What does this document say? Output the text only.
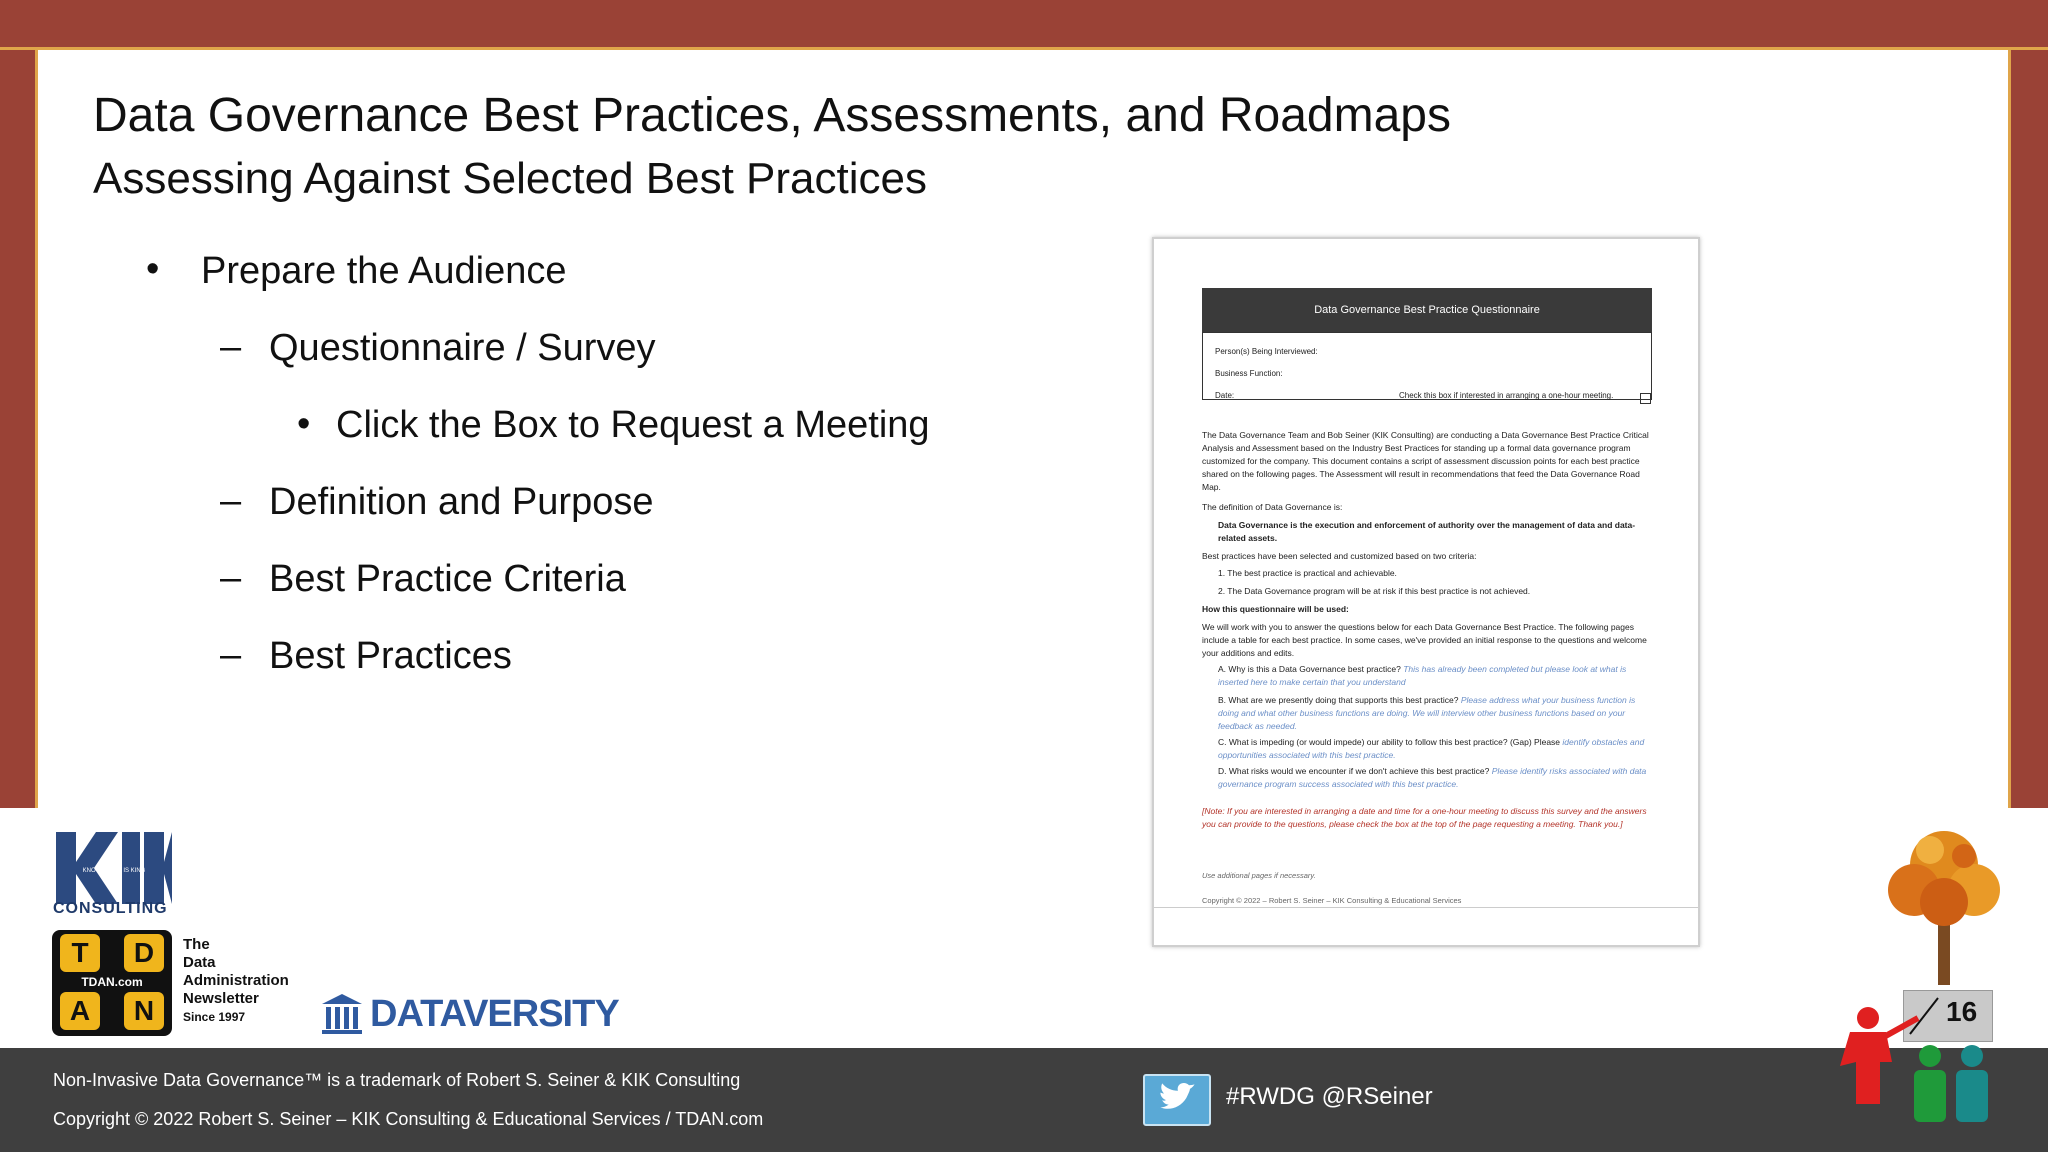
Data Governance Best Practices, Assessments, and Roadmaps
Assessing Against Selected Best Practices
• Prepare the Audience
– Questionnaire / Survey
• Click the Box to Request a Meeting
– Definition and Purpose
– Best Practice Criteria
– Best Practices
Data Governance Best Practice Questionnaire
Person(s) Being Interviewed:
Business Function:
Date:	Check this box if interested in arranging a one-hour meeting.
The Data Governance Team and Bob Seiner (KIK Consulting) are conducting a Data Governance Best Practice Critical Analysis and Assessment based on the Industry Best Practices for standing up a formal data governance program customized for the company. This document contains a script of assessment discussion points for each best practice shared on the following pages. The Assessment will result in recommendations that feed the Data Governance Road Map.
The definition of Data Governance is:
Data Governance is the execution and enforcement of authority over the management of data and data-related assets.
Best practices have been selected and customized based on two criteria:
1. The best practice is practical and achievable.
2. The Data Governance program will be at risk if this best practice is not achieved.
How this questionnaire will be used:
We will work with you to answer the questions below for each Data Governance Best Practice. The following pages include a table for each best practice. In some cases, we've provided an initial response to the questions and welcome your additions and edits.
A. Why is this a Data Governance best practice? This has already been completed but please look at what is inserted here to make certain that you understand
B. What are we presently doing that supports this best practice? Please address what your business function is doing and what other business functions are doing. We will interview other business functions based on your feedback as needed.
C. What is impeding (or would impede) our ability to follow this best practice? (Gap) Please identify obstacles and opportunities associated with this best practice.
D. What risks would we encounter if we don't achieve this best practice? Please identify risks associated with data governance program success associated with this best practice.
[Note: If you are interested in arranging a date and time for a one-hour meeting to discuss this survey and the answers you can provide to the questions, please check the box at the top of the page requesting a meeting. Thank you.]
Use additional pages if necessary.
Copyright © 2022 – Robert S. Seiner – KIK Consulting & Educational Services
KNOWLEDGE IS KING
CONSULTING
T	D
TDAN.com
A	N
The
Data
Administration
Newsletter
Since 1997	DATAVERSITY	16
Non-Invasive Data Governance™ is a trademark of Robert S. Seiner & KIK Consulting
Copyright © 2022 Robert S. Seiner – KIK Consulting & Educational Services / TDAN.com
#RWDG @RSeiner
